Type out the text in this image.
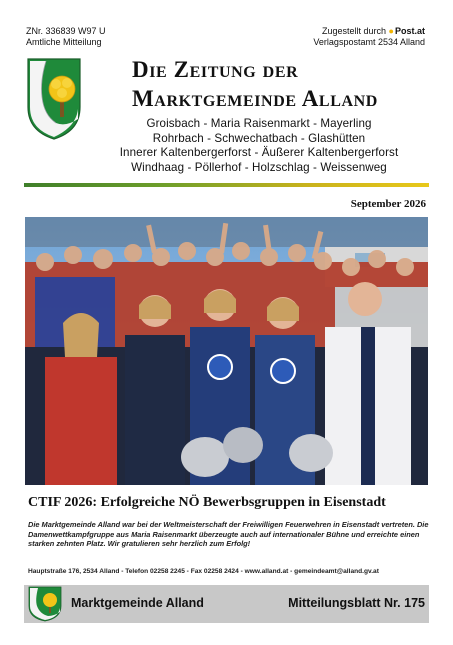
ZNr. 336839 W97 U
Amtliche Mitteilung
Zugestellt durch ●Post.at
Verlagspostamt 2534 Alland
Die Zeitung der
Marktgemeinde Alland
Groisbach - Maria Raisenmarkt - Mayerling
Rohrbach - Schwechatbach - Glashütten
Innerer Kaltenbergerforst - Äußerer Kaltenbergerforst
Windhaag - Pöllerhof - Holzschlag - Weissenweg
September 2026
CTIF 2026: Erfolgreiche NÖ Bewerbsgruppen in Eisenstadt
Die Marktgemeinde Alland war bei der Weltmeisterschaft der Freiwilligen Feuerwehren in Eisenstadt vertreten. Die Damenwettkampfgruppe aus Maria Raisenmarkt überzeugte auch auf internationaler Bühne und erreichte einen starken zehnten Platz. Wir gratulieren sehr herzlich zum Erfolg!
Hauptstraße 176, 2534 Alland - Telefon 02258 2245 - Fax 02258 2424 - www.alland.at - gemeindeamt@alland.gv.at
Marktgemeinde Alland	Mitteilungsblatt Nr. 175
